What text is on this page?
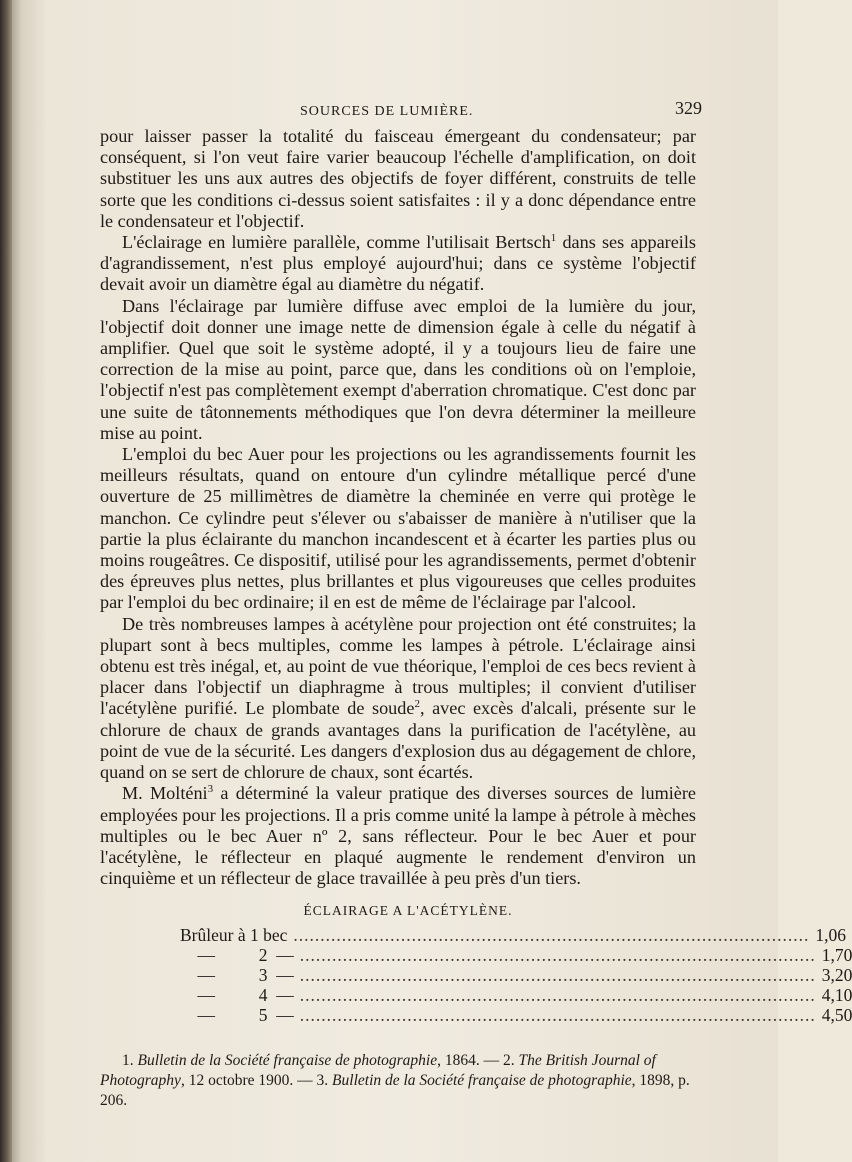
SOURCES DE LUMIÈRE.	329

pour laisser passer la totalité du faisceau émergeant du condensateur; par conséquent, si l'on veut faire varier beaucoup l'échelle d'amplification, on doit substituer les uns aux autres des objectifs de foyer différent, construits de telle sorte que les conditions ci-dessus soient satisfaites : il y a donc dépendance entre le condensateur et l'objectif.

L'éclairage en lumière parallèle, comme l'utilisait Bertsch$^1$ dans ses appareils d'agrandissement, n'est plus employé aujourd'hui; dans ce système l'objectif devait avoir un diamètre égal au diamètre du négatif.

Dans l'éclairage par lumière diffuse avec emploi de la lumière du jour, l'objectif doit donner une image nette de dimension égale à celle du négatif à amplifier. Quel que soit le système adopté, il y a toujours lieu de faire une correction de la mise au point, parce que, dans les conditions où on l'emploie, l'objectif n'est pas complètement exempt d'aberration chromatique. C'est donc par une suite de tâtonnements méthodiques que l'on devra déterminer la meilleure mise au point.

L'emploi du bec Auer pour les projections ou les agrandissements fournit les meilleurs résultats, quand on entoure d'un cylindre métallique percé d'une ouverture de 25 millimètres de diamètre la cheminée en verre qui protège le manchon. Ce cylindre peut s'élever ou s'abaisser de manière à n'utiliser que la partie la plus éclairante du manchon incandescent et à écarter les parties plus ou moins rougeâtres. Ce dispositif, utilisé pour les agrandissements, permet d'obtenir des épreuves plus nettes, plus brillantes et plus vigoureuses que celles produites par l'emploi du bec ordinaire; il en est de même de l'éclairage par l'alcool.

De très nombreuses lampes à acétylène pour projection ont été construites; la plupart sont à becs multiples, comme les lampes à pétrole. L'éclairage ainsi obtenu est très inégal, et, au point de vue théorique, l'emploi de ces becs revient à placer dans l'objectif un diaphragme à trous multiples; il convient d'utiliser l'acétylène purifié. Le plombate de soude$^2$, avec excès d'alcali, présente sur le chlorure de chaux de grands avantages dans la purification de l'acétylène, au point de vue de la sécurité. Les dangers d'explosion dus au dégagement de chlore, quand on se sert de chlorure de chaux, sont écartés.

M. Molténi$^3$ a déterminé la valeur pratique des diverses sources de lumière employées pour les projections. Il a pris comme unité la lampe à pétrole à mèches multiples ou le bec Auer nº 2, sans réflecteur. Pour le bec Auer et pour l'acétylène, le réflecteur en plaqué augmente le rendement d'environ un cinquième et un réflecteur de glace travaillée à peu près d'un tiers.

ÉCLAIRAGE A L'ACÉTYLÈNE.
Brûleur à 1 bec ................................................................................................ 1,06
—          2  — ................................................................................................ 1,70
—          3  — ................................................................................................ 3,20
—          4  — ................................................................................................ 4,10
—          5  — ................................................................................................ 4,50
1. Bulletin de la Société française de photographie, 1864. — 2. The British Journal of Photography, 12 octobre 1900. — 3. Bulletin de la Société française de photographie, 1898, p. 206.
